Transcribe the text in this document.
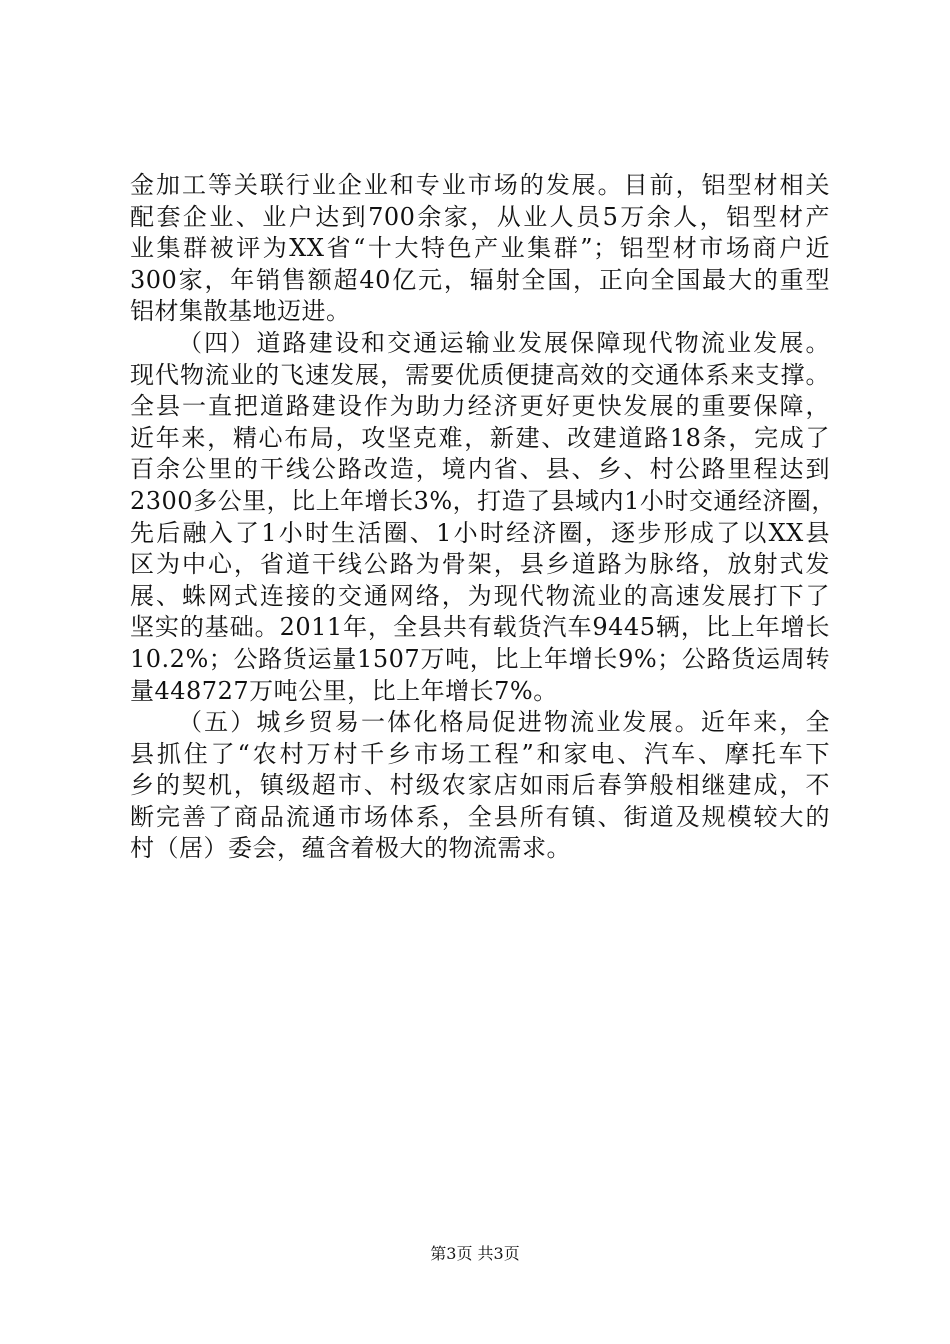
金加工等关联行业企业和专业市场的发展。目前，铝型材相关
配套企业、业户达到700余家，从业人员5万余人，铝型材产
业集群被评为XX省“十大特色产业集群”；铝型材市场商户近
300家，年销售额超40亿元，辐射全国，正向全国最大的重型
铝材集散基地迈进。
（四）道路建设和交通运输业发展保障现代物流业发展。
现代物流业的飞速发展，需要优质便捷高效的交通体系来支撑。
全县一直把道路建设作为助力经济更好更快发展的重要保障，
近年来，精心布局，攻坚克难，新建、改建道路18条，完成了
百余公里的干线公路改造，境内省、县、乡、村公路里程达到
2300多公里，比上年增长3%，打造了县域内1小时交通经济圈，
先后融入了1小时生活圈、1小时经济圈，逐步形成了以XX县
区为中心，省道干线公路为骨架，县乡道路为脉络，放射式发
展、蛛网式连接的交通网络，为现代物流业的高速发展打下了
坚实的基础。2011年，全县共有载货汽车9445辆，比上年增长
10.2%；公路货运量1507万吨，比上年增长9%；公路货运周转
量448727万吨公里，比上年增长7%。
（五）城乡贸易一体化格局促进物流业发展。近年来，全
县抓住了“农村万村千乡市场工程”和家电、汽车、摩托车下
乡的契机，镇级超市、村级农家店如雨后春笋般相继建成，不
断完善了商品流通市场体系，全县所有镇、街道及规模较大的
村（居）委会，蕴含着极大的物流需求。
第3页 共3页
